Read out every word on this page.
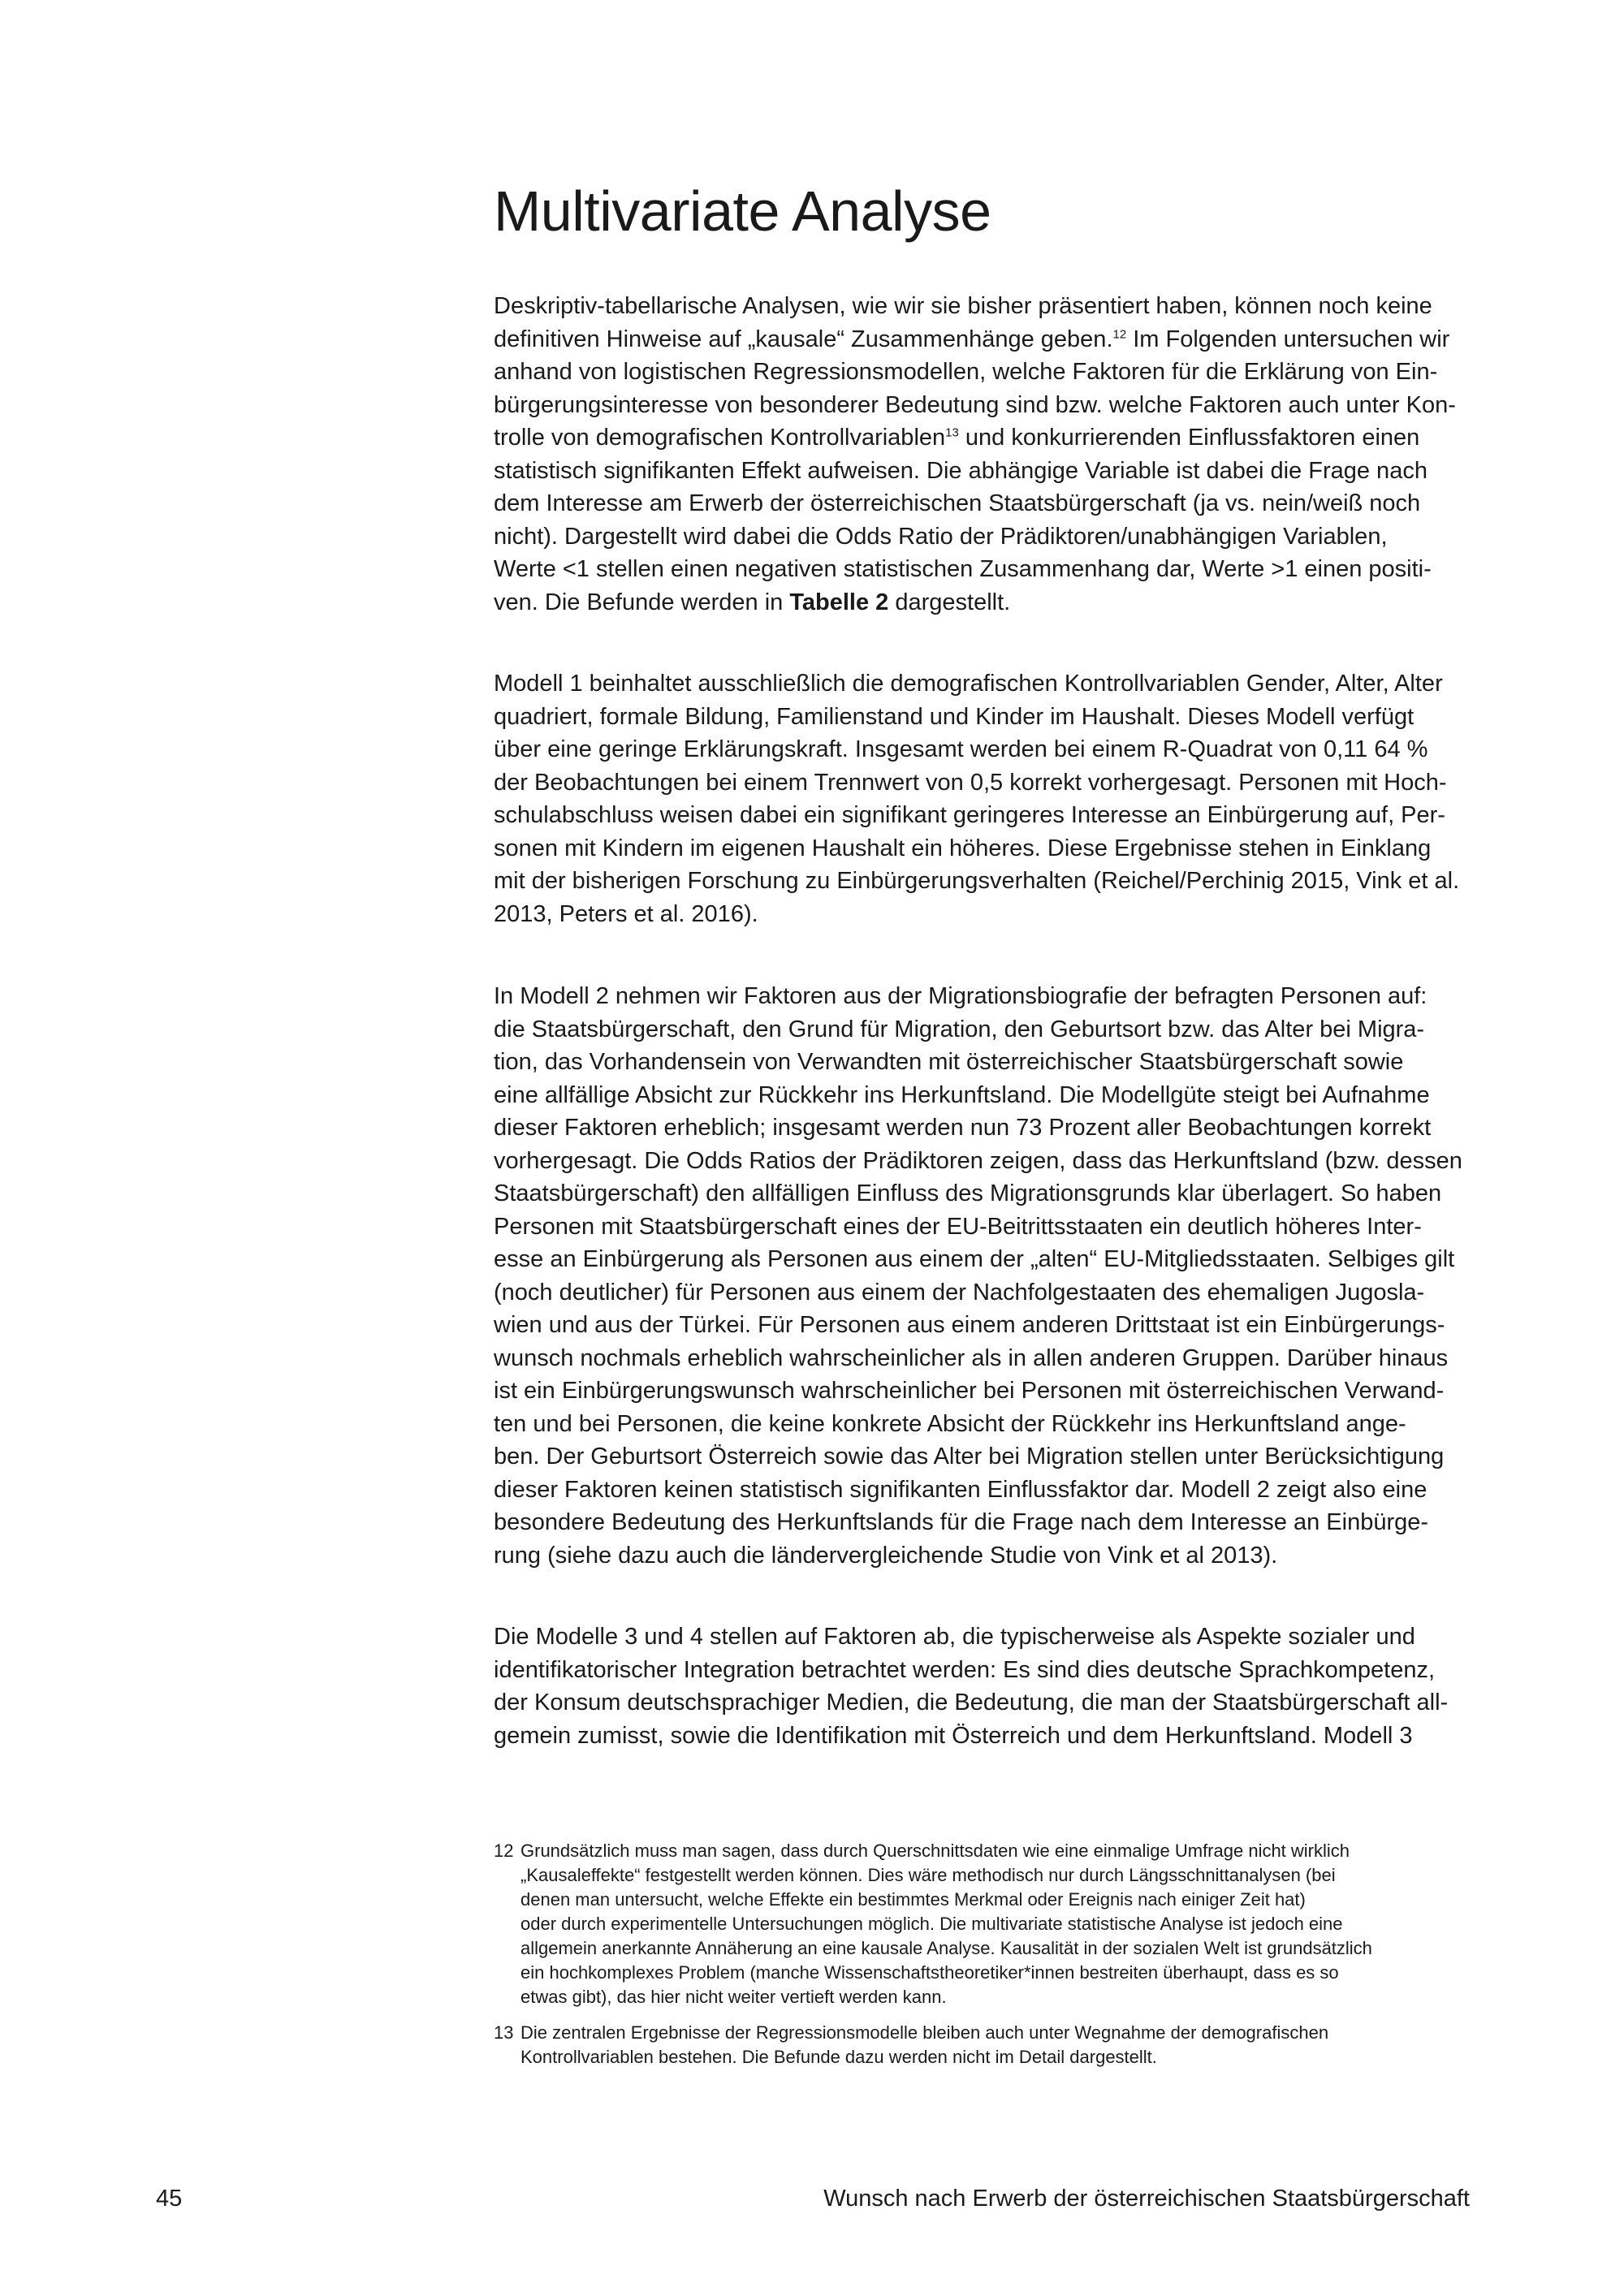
Multivariate Analyse
Deskriptiv-tabellarische Analysen, wie wir sie bisher präsentiert haben, können noch keine
definitiven Hinweise auf „kausale“ Zusammenhänge geben.$^{12}$ Im Folgenden untersuchen wir
anhand von logistischen Regressionsmodellen, welche Faktoren für die Erklärung von Ein-
bürgerungsinteresse von besonderer Bedeutung sind bzw. welche Faktoren auch unter Kon-
trolle von demografischen Kontrollvariablen$^{13}$ und konkurrierenden Einflussfaktoren einen
statistisch signifikanten Effekt aufweisen. Die abhängige Variable ist dabei die Frage nach
dem Interesse am Erwerb der österreichischen Staatsbürgerschaft (ja vs. nein/weiß noch
nicht). Dargestellt wird dabei die Odds Ratio der Prädiktoren/unabhängigen Variablen,
Werte <1 stellen einen negativen statistischen Zusammenhang dar, Werte >1 einen positi-
ven. Die Befunde werden in Tabelle 2 dargestellt.
Modell 1 beinhaltet ausschließlich die demografischen Kontrollvariablen Gender, Alter, Alter
quadriert, formale Bildung, Familienstand und Kinder im Haushalt. Dieses Modell verfügt
über eine geringe Erklärungskraft. Insgesamt werden bei einem R-Quadrat von 0,11 64 %
der Beobachtungen bei einem Trennwert von 0,5 korrekt vorhergesagt. Personen mit Hoch-
schulabschluss weisen dabei ein signifikant geringeres Interesse an Einbürgerung auf, Per-
sonen mit Kindern im eigenen Haushalt ein höheres. Diese Ergebnisse stehen in Einklang
mit der bisherigen Forschung zu Einbürgerungsverhalten (Reichel/Perchinig 2015, Vink et al.
2013, Peters et al. 2016).
In Modell 2 nehmen wir Faktoren aus der Migrationsbiografie der befragten Personen auf:
die Staatsbürgerschaft, den Grund für Migration, den Geburtsort bzw. das Alter bei Migra-
tion, das Vorhandensein von Verwandten mit österreichischer Staatsbürgerschaft sowie
eine allfällige Absicht zur Rückkehr ins Herkunftsland. Die Modellgüte steigt bei Aufnahme
dieser Faktoren erheblich; insgesamt werden nun 73 Prozent aller Beobachtungen korrekt
vorhergesagt. Die Odds Ratios der Prädiktoren zeigen, dass das Herkunftsland (bzw. dessen
Staatsbürgerschaft) den allfälligen Einfluss des Migrationsgrunds klar überlagert. So haben
Personen mit Staatsbürgerschaft eines der EU-Beitrittsstaaten ein deutlich höheres Inter-
esse an Einbürgerung als Personen aus einem der „alten“ EU-Mitgliedsstaaten. Selbiges gilt
(noch deutlicher) für Personen aus einem der Nachfolgestaaten des ehemaligen Jugosla-
wien und aus der Türkei. Für Personen aus einem anderen Drittstaat ist ein Einbürgerungs-
wunsch nochmals erheblich wahrscheinlicher als in allen anderen Gruppen. Darüber hinaus
ist ein Einbürgerungswunsch wahrscheinlicher bei Personen mit österreichischen Verwand-
ten und bei Personen, die keine konkrete Absicht der Rückkehr ins Herkunftsland ange-
ben. Der Geburtsort Österreich sowie das Alter bei Migration stellen unter Berücksichtigung
dieser Faktoren keinen statistisch signifikanten Einflussfaktor dar. Modell 2 zeigt also eine
besondere Bedeutung des Herkunftslands für die Frage nach dem Interesse an Einbürge-
rung (siehe dazu auch die ländervergleichende Studie von Vink et al 2013).
Die Modelle 3 und 4 stellen auf Faktoren ab, die typischerweise als Aspekte sozialer und
identifikatorischer Integration betrachtet werden: Es sind dies deutsche Sprachkompetenz,
der Konsum deutschsprachiger Medien, die Bedeutung, die man der Staatsbürgerschaft all-
gemein zumisst, sowie die Identifikation mit Österreich und dem Herkunftsland. Modell 3
12 Grundsätzlich muss man sagen, dass durch Querschnittsdaten wie eine einmalige Umfrage nicht wirklich
„Kausaleffekte“ festgestellt werden können. Dies wäre methodisch nur durch Längsschnittanalysen (bei
denen man untersucht, welche Effekte ein bestimmtes Merkmal oder Ereignis nach einiger Zeit hat)
oder durch experimentelle Untersuchungen möglich. Die multivariate statistische Analyse ist jedoch eine
allgemein anerkannte Annäherung an eine kausale Analyse. Kausalität in der sozialen Welt ist grundsätzlich
ein hochkomplexes Problem (manche Wissenschaftstheoretiker*innen bestreiten überhaupt, dass es so
etwas gibt), das hier nicht weiter vertieft werden kann.
13 Die zentralen Ergebnisse der Regressionsmodelle bleiben auch unter Wegnahme der demografischen
Kontrollvariablen bestehen. Die Befunde dazu werden nicht im Detail dargestellt.
45	Wunsch nach Erwerb der österreichischen Staatsbürgerschaft
